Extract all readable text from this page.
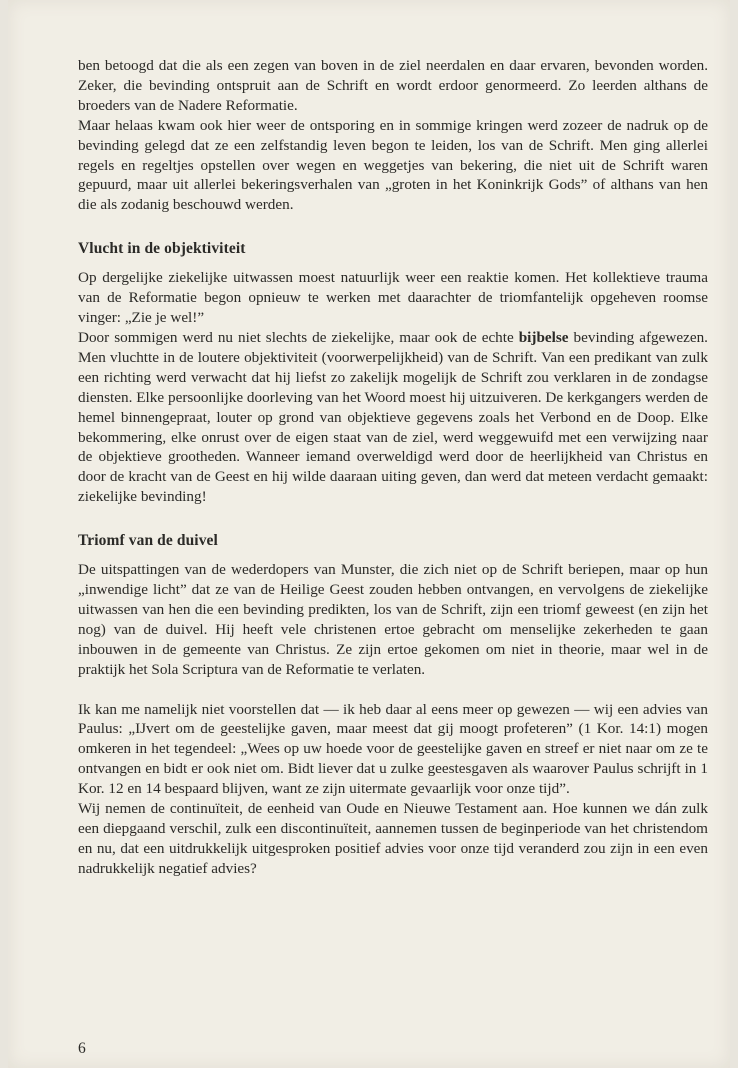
ben betoogd dat die als een zegen van boven in de ziel neerdalen en daar ervaren, bevonden worden. Zeker, die bevinding ontspruit aan de Schrift en wordt erdoor genormeerd. Zo leerden althans de broeders van de Nadere Reformatie.

Maar helaas kwam ook hier weer de ontsporing en in sommige kringen werd zozeer de nadruk op de bevinding gelegd dat ze een zelfstandig leven begon te leiden, los van de Schrift. Men ging allerlei regels en regeltjes opstellen over wegen en weggetjes van bekering, die niet uit de Schrift waren gepuurd, maar uit allerlei bekeringsverhalen van „groten in het Koninkrijk Gods” of althans van hen die als zodanig beschouwd werden.

Vlucht in de objektiviteit

Op dergelijke ziekelijke uitwassen moest natuurlijk weer een reaktie komen. Het kollektieve trauma van de Reformatie begon opnieuw te werken met daarachter de triomfantelijk opgeheven roomse vinger: „Zie je wel!”

Door sommigen werd nu niet slechts de ziekelijke, maar ook de echte bijbelse bevinding afgewezen. Men vluchtte in de loutere objektiviteit (voorwerpelijkheid) van de Schrift. Van een predikant van zulk een richting werd verwacht dat hij liefst zo zakelijk mogelijk de Schrift zou verklaren in de zondagse diensten. Elke persoonlijke doorleving van het Woord moest hij uitzuiveren. De kerkgangers werden de hemel binnengepraat, louter op grond van objektieve gegevens zoals het Verbond en de Doop. Elke bekommering, elke onrust over de eigen staat van de ziel, werd weggewuifd met een verwijzing naar de objektieve grootheden. Wanneer iemand overweldigd werd door de heerlijkheid van Christus en door de kracht van de Geest en hij wilde daaraan uiting geven, dan werd dat meteen verdacht gemaakt: ziekelijke bevinding!

Triomf van de duivel

De uitspattingen van de wederdopers van Munster, die zich niet op de Schrift beriepen, maar op hun „inwendige licht” dat ze van de Heilige Geest zouden hebben ontvangen, en vervolgens de ziekelijke uitwassen van hen die een bevinding predikten, los van de Schrift, zijn een triomf geweest (en zijn het nog) van de duivel. Hij heeft vele christenen ertoe gebracht om menselijke zekerheden te gaan inbouwen in de gemeente van Christus. Ze zijn ertoe gekomen om niet in theorie, maar wel in de praktijk het Sola Scriptura van de Reformatie te verlaten.

Ik kan me namelijk niet voorstellen dat — ik heb daar al eens meer op gewezen — wij een advies van Paulus: „IJvert om de geestelijke gaven, maar meest dat gij moogt profeteren” (1 Kor. 14:1) mogen omkeren in het tegendeel: „Wees op uw hoede voor de geestelijke gaven en streef er niet naar om ze te ontvangen en bidt er ook niet om. Bidt liever dat u zulke geestesgaven als waarover Paulus schrijft in 1 Kor. 12 en 14 bespaard blijven, want ze zijn uitermate gevaarlijk voor onze tijd”.

Wij nemen de continuïteit, de eenheid van Oude en Nieuwe Testament aan. Hoe kunnen we dán zulk een diepgaand verschil, zulk een discontinuïteit, aannemen tussen de beginperiode van het christendom en nu, dat een uitdrukkelijk uitgesproken positief advies voor onze tijd veranderd zou zijn in een even nadrukkelijk negatief advies?

6
